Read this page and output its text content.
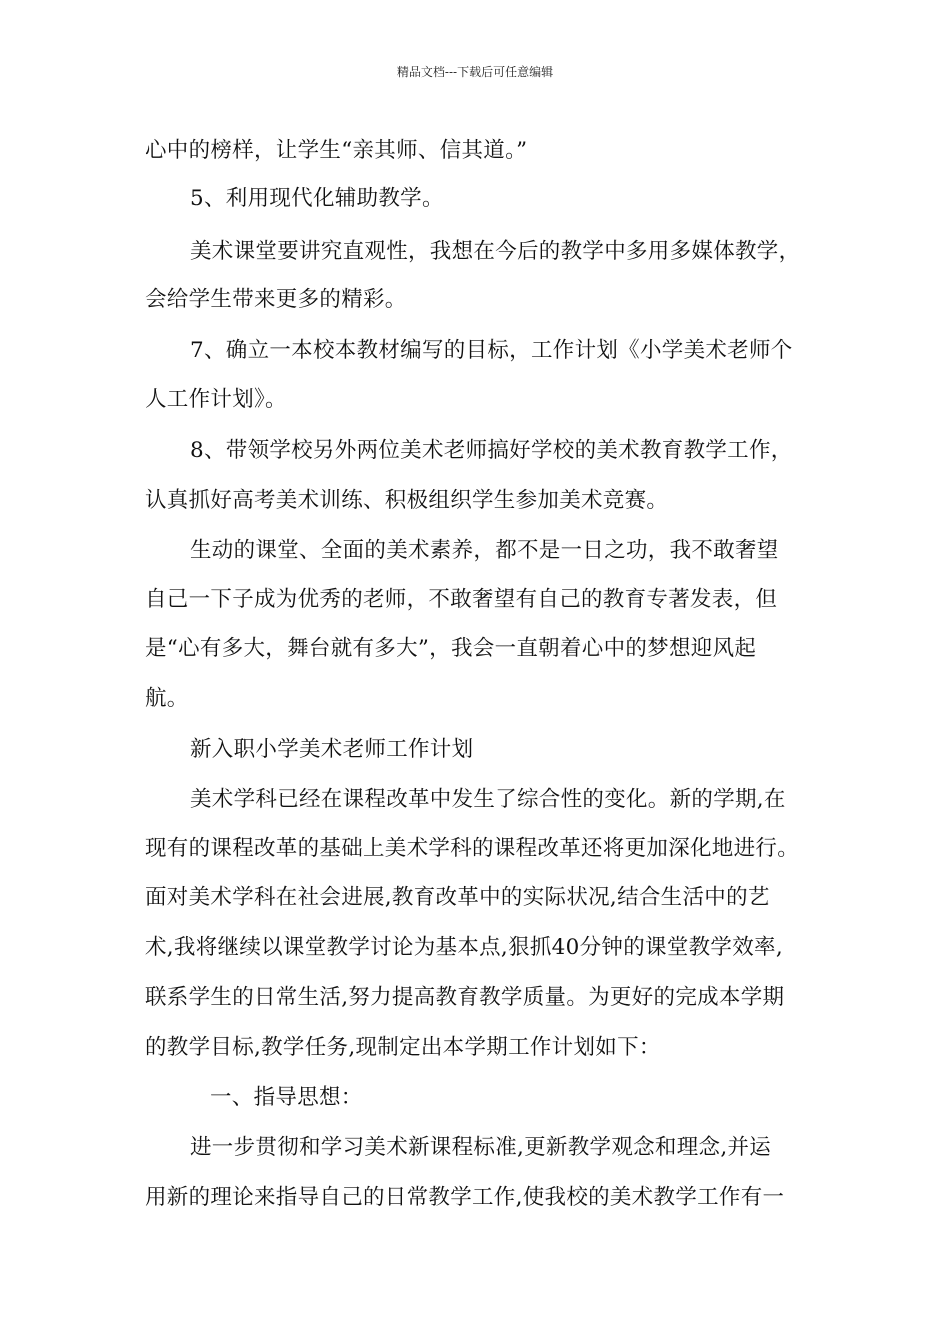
精品文档---下载后可任意编辑
心中的榜样，让学生“亲其师、信其道。”
5、利用现代化辅助教学。
美术课堂要讲究直观性，我想在今后的教学中多用多媒体教学，
会给学生带来更多的精彩。
7、确立一本校本教材编写的目标，工作计划《小学美术老师个
人工作计划》。
8、带领学校另外两位美术老师搞好学校的美术教育教学工作，
认真抓好高考美术训练、积极组织学生参加美术竞赛。
生动的课堂、全面的美术素养，都不是一日之功，我不敢奢望
自己一下子成为优秀的老师，不敢奢望有自己的教育专著发表，但
是“心有多大，舞台就有多大”，我会一直朝着心中的梦想迎风起
航。
新入职小学美术老师工作计划
美术学科已经在课程改革中发生了综合性的变化。新的学期,在
现有的课程改革的基础上美术学科的课程改革还将更加深化地进行。
面对美术学科在社会进展,教育改革中的实际状况,结合生活中的艺
术,我将继续以课堂教学讨论为基本点,狠抓40分钟的课堂教学效率,
联系学生的日常生活,努力提高教育教学质量。为更好的完成本学期
的教学目标,教学任务,现制定出本学期工作计划如下：
一、指导思想：
进一步贯彻和学习美术新课程标准,更新教学观念和理念,并运
用新的理论来指导自己的日常教学工作,使我校的美术教学工作有一
